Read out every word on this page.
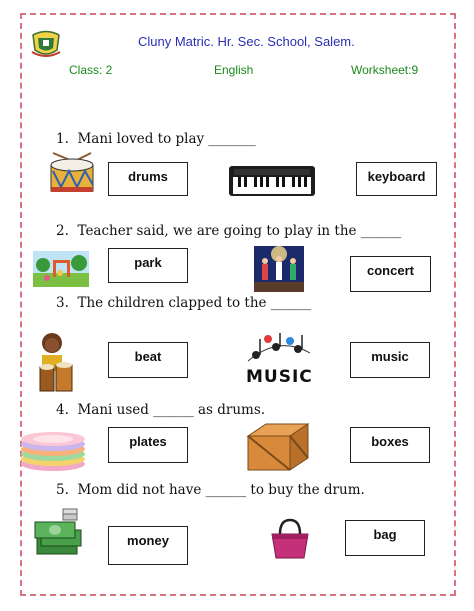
Cluny Matric. Hr. Sec. School, Salem.
Class: 2	English	Worksheet:9
1. Mani loved to play _______
drums	keyboard
2. Teacher said, we are going to play in the ______
park
concert
3. The children clapped to the ______
beat
MUSIC
music
4. Mani used ______ as drums.
plates	boxes
5. Mom did not have ______ to buy the drum.
money	bag
